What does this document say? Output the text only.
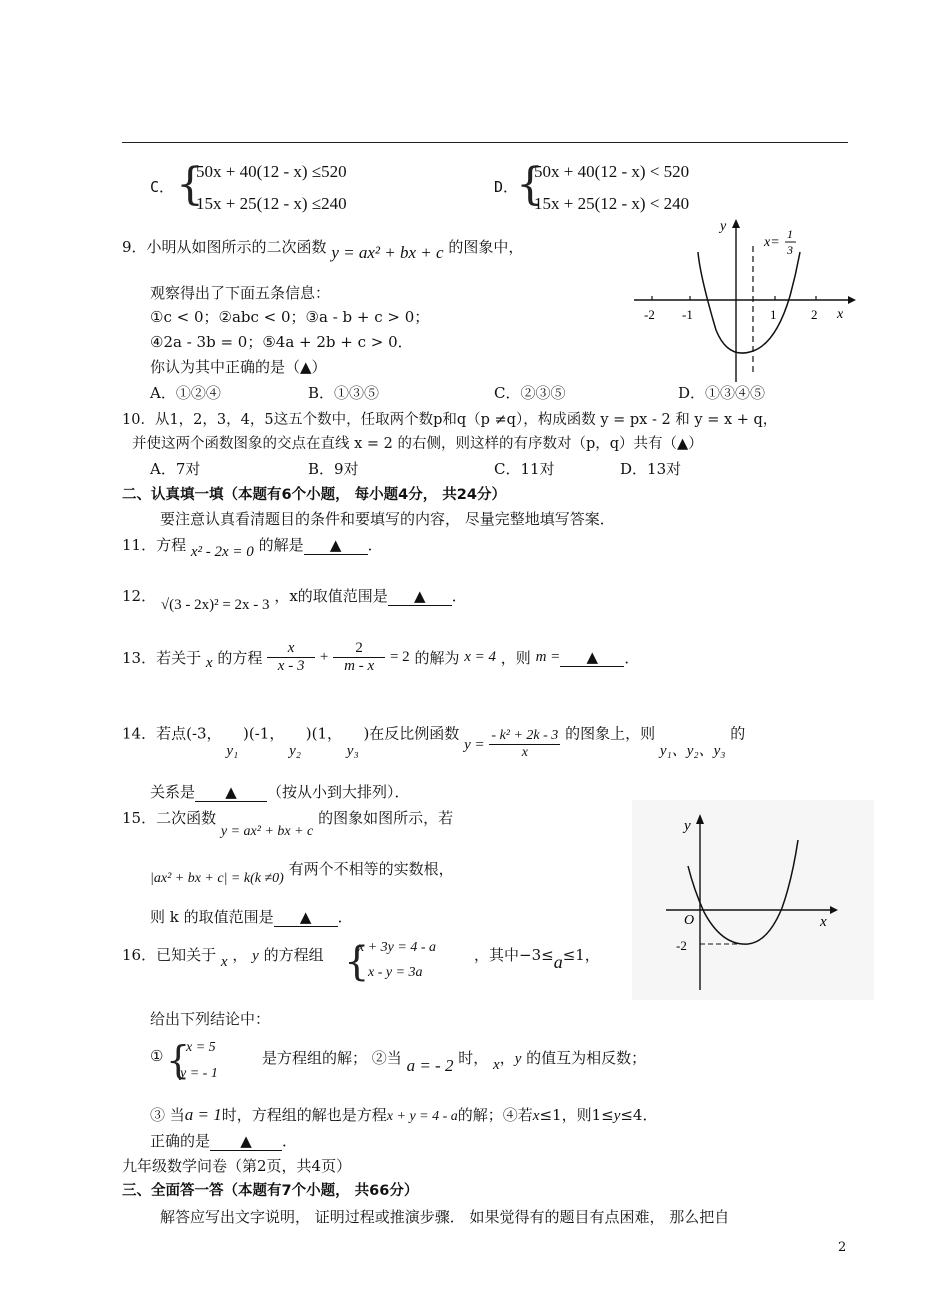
C． {
50x + 40(12 - x) ≤520
15x + 25(12 - x) ≤240
D．
{
50x + 40(12 - x) < 520
15x + 25(12 - x) < 240
9．小明从如图所示的二次函数 y = ax² + bx + c 的图象中，
观察得出了下面五条信息：
①c < 0；②abc < 0；③a - b + c > 0；
④2a - 3b = 0；⑤4a + 2b + c > 0．
你认为其中正确的是（▲）
A．①②④	B．①③⑤	C．②③⑤	D．①③④⑤
y
x
x=
1
3
-2 -1	1	2
10．从1，2，3，4，5这五个数中，任取两个数p和q（p ≠q），构成函数 y = px - 2 和 y = x + q，
并使这两个函数图象的交点在直线 x = 2 的右侧，则这样的有序数对（p，q）共有（▲）
A．7对	B．9对	C．11对	D．13对
二、认真填一填（本题有6个小题， 每小题4分， 共24分）
要注意认真看清题目的条件和要填写的内容， 尽量完整地填写答案．
11．方程 x² - 2x = 0 的解是 ▲ ．
12． √(3 - 2x)² = 2x - 3 ，x的取值范围是 ▲ ．
13．若关于 x 的方程 $\frac{x}{x - 3} + \frac{2}{m - x} = 2$ 的解为 x = 4 ，则 m = ▲ ．
14．若点(-3， y₁ )(-1， y₂ )(1， y₃ )在反比例函数 $y = \frac{\text{- k² + 2k - 3}}{x}$ 的图象上，则 y₁、y₂、y₃ 的
关系是 ▲ （按从小到大排列）．
15．二次函数 y = ax² + bx + c 的图象如图所示，若
|ax² + bx + c| = k(k ≠0) 有两个不相等的实数根，
则 k 的取值范围是 ▲ ．
y
x
O
-2
16．已知关于 x ， y 的方程组 {
x + 3y = 4 - a
x - y = 3a
，其中−3≤a≤1，
给出下列结论中：
① {
x = 5
y = - 1
是方程组的解； ②当 a = - 2 时， x，y 的值互为相反数；
③ 当a = 1时，方程组的解也是方程x + y = 4 - a的解；④若x≤1，则1≤y≤4．
正确的是 ▲ ．
九年级数学问卷（第2页，共4页）
三、全面答一答（本题有7个小题， 共66分）
解答应写出文字说明， 证明过程或推演步骤． 如果觉得有的题目有点困难， 那么把自
2
